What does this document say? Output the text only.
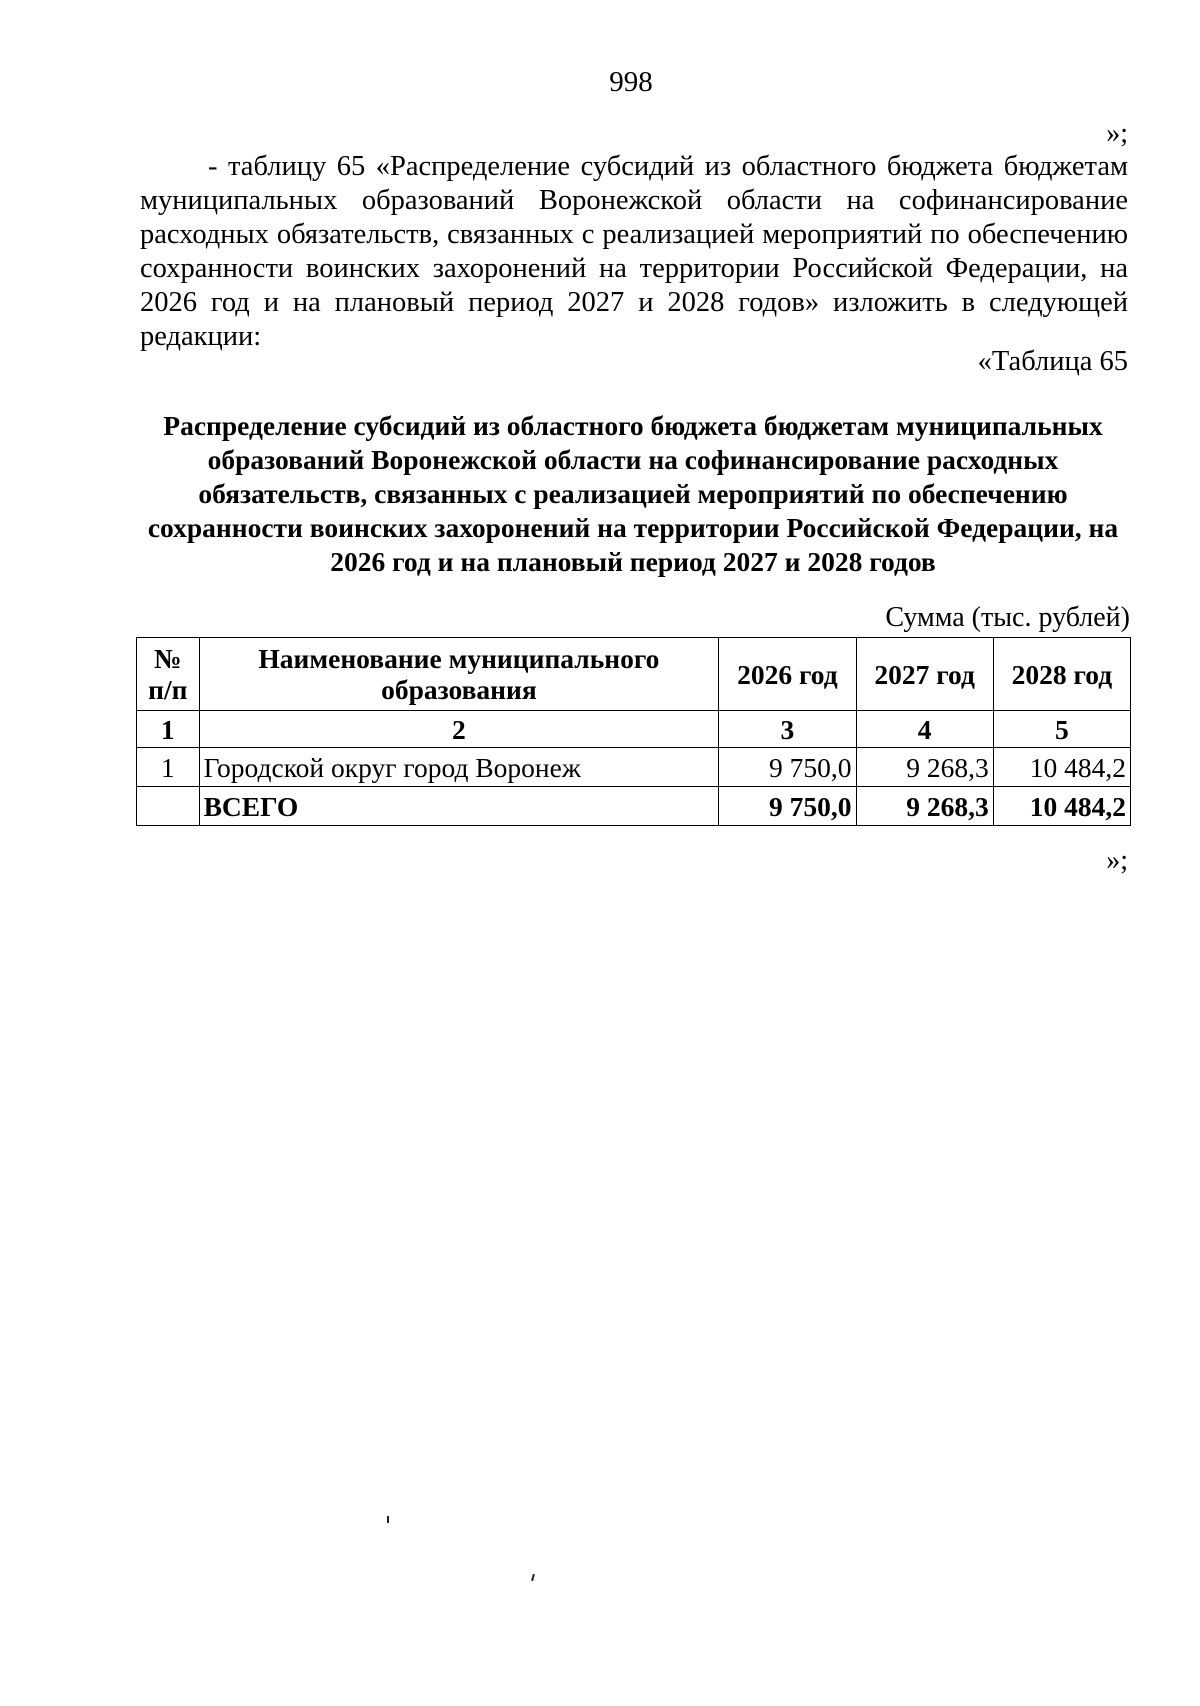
998
»;

- таблицу 65 «Распределение субсидий из областного бюджета бюджетам муниципальных образований Воронежской области на софинансирование расходных обязательств, связанных с реализацией мероприятий по обеспечению сохранности воинских захоронений на территории Российской Федерации, на 2026 год и на плановый период 2027 и 2028 годов» изложить в следующей редакции:

«Таблица 65
Распределение субсидий из областного бюджета бюджетам муниципальных образований Воронежской области на софинансирование расходных обязательств, связанных с реализацией мероприятий по обеспечению сохранности воинских захоронений на территории Российской Федерации, на 2026 год и на плановый период 2027 и 2028 годов
Сумма (тыс. рублей)
№ п/п	Наименование муниципального образования	2026 год	2027 год	2028 год
1	2	3	4	5
1	Городской округ город Воронеж	9 750,0	9 268,3	10 484,2
	ВСЕГО	9 750,0	9 268,3	10 484,2
»;
